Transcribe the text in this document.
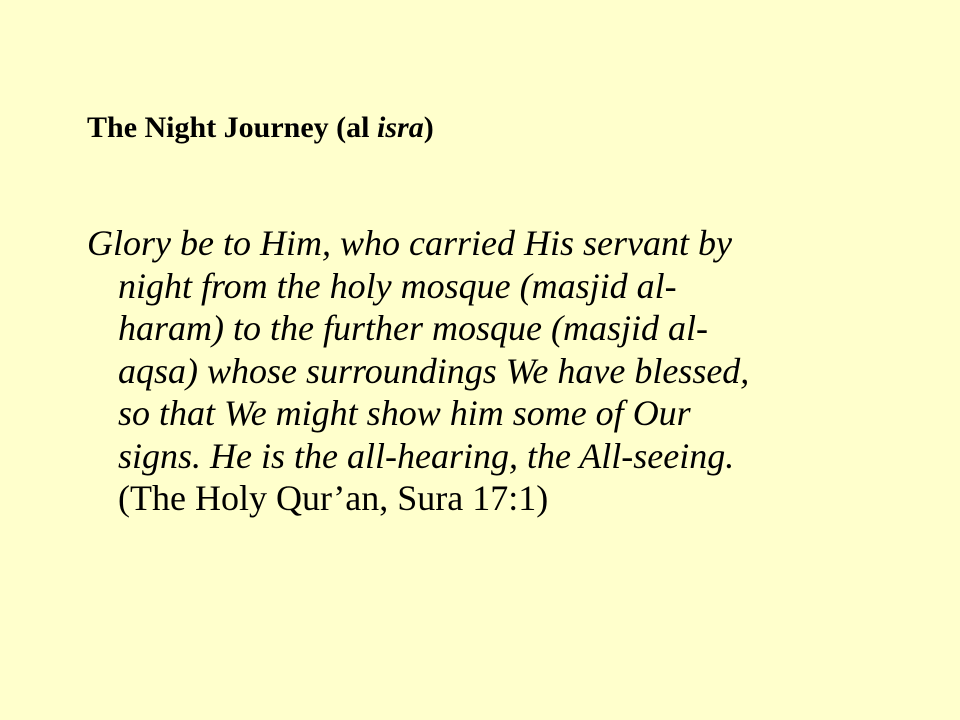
The Night Journey (al isra)
Glory be to Him, who carried His servant by
night from the holy mosque (masjid al-
haram) to the further mosque (masjid al-
aqsa) whose surroundings We have blessed,
so that We might show him some of Our
signs. He is the all-hearing, the All-seeing.
(The Holy Qur’an, Sura 17:1)
